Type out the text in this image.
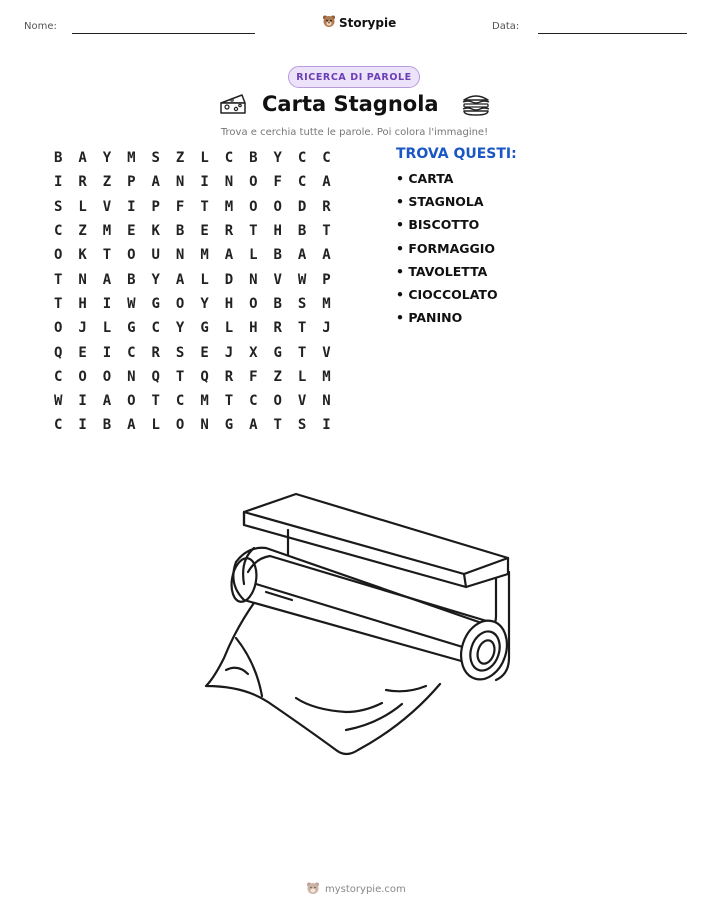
Nome:	Storypie	Data:
RICERCA DI PAROLE
Carta Stagnola
Trova e cerchia tutte le parole. Poi colora l'immagine!
B	A	Y	M	S	Z	L	C	B	Y	C	C
I	R	Z	P	A	N	I	N	O	F	C	A
S	L	V	I	P	F	T	M	O	O	D	R
C	Z	M	E	K	B	E	R	T	H	B	T
O	K	T	O	U	N	M	A	L	B	A	A
T	N	A	B	Y	A	L	D	N	V	W	P
T	H	I	W	G	O	Y	H	O	B	S	M
O	J	L	G	C	Y	G	L	H	R	T	J
Q	E	I	C	R	S	E	J	X	G	T	V
C	O	O	N	Q	T	Q	R	F	Z	L	M
W	I	A	O	T	C	M	T	C	O	V	N
C	I	B	A	L	O	N	G	A	T	S	I
TROVA QUESTI:
• CARTA
• STAGNOLA
• BISCOTTO
• FORMAGGIO
• TAVOLETTA
• CIOCCOLATO
• PANINO
mystorypie.com
